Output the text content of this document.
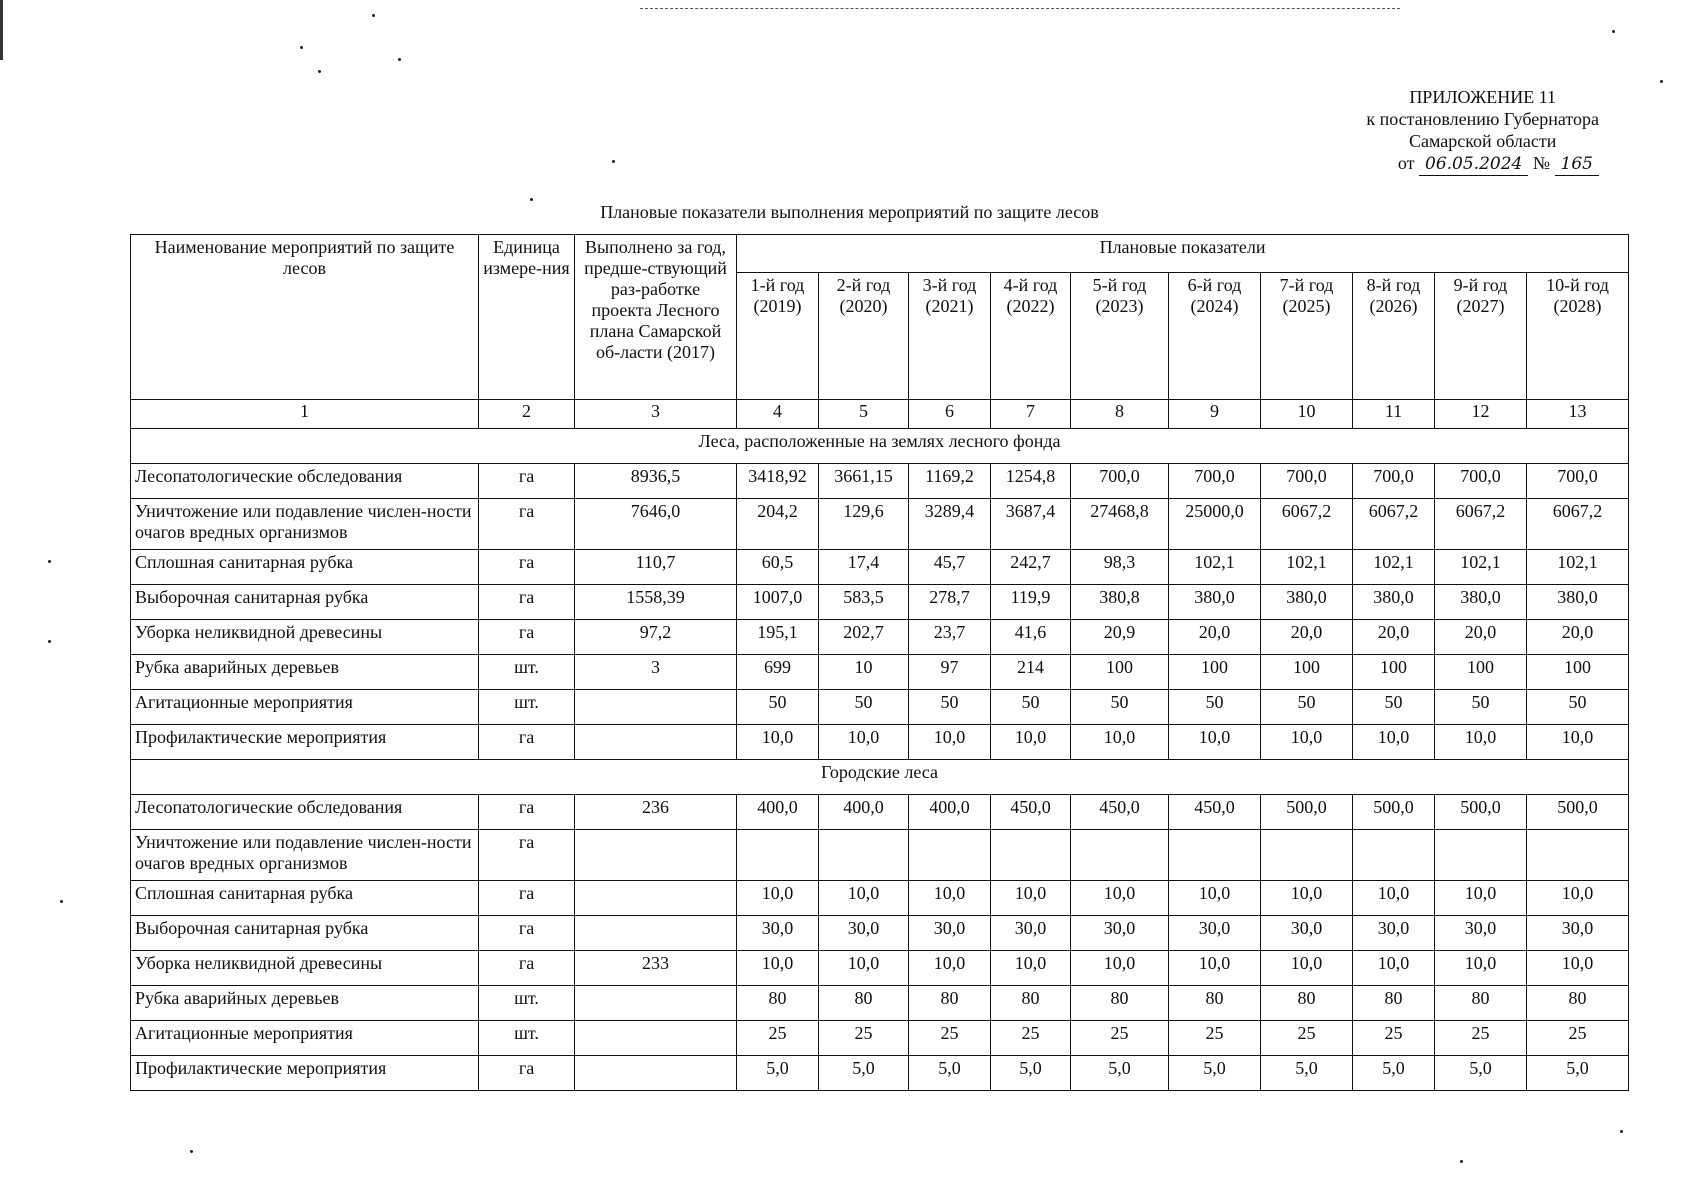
ПРИЛОЖЕНИЕ 11
к постановлению Губернатора
Самарской области
от 06.05.2024 № 165
Плановые показатели выполнения мероприятий по защите лесов
Наименование мероприятий по защите лесов	Единица измере-ния	Выполнено за год, предше-ствующий раз-работке проекта Лесного плана Самарской об-ласти (2017)	Плановые показатели									
			1-й год (2019)	2-й год (2020)	3-й год (2021)	4-й год (2022)	5-й год (2023)	6-й год (2024)	7-й год (2025)	8-й год (2026)	9-й год (2027)	10-й год (2028)
1	2	3	4	5	6	7	8	9	10	11	12	13
Леса, расположенные на землях лесного фонда												
Лесопатологические обследования	га	8936,5	3418,92	3661,15	1169,2	1254,8	700,0	700,0	700,0	700,0	700,0	700,0
Уничтожение или подавление числен-ности очагов вредных организмов	га	7646,0	204,2	129,6	3289,4	3687,4	27468,8	25000,0	6067,2	6067,2	6067,2	6067,2
Сплошная санитарная рубка	га	110,7	60,5	17,4	45,7	242,7	98,3	102,1	102,1	102,1	102,1	102,1
Выборочная санитарная рубка	га	1558,39	1007,0	583,5	278,7	119,9	380,8	380,0	380,0	380,0	380,0	380,0
Уборка неликвидной древесины	га	97,2	195,1	202,7	23,7	41,6	20,9	20,0	20,0	20,0	20,0	20,0
Рубка аварийных деревьев	шт.	3	699	10	97	214	100	100	100	100	100	100
Агитационные мероприятия	шт.		50	50	50	50	50	50	50	50	50	50
Профилактические мероприятия	га		10,0	10,0	10,0	10,0	10,0	10,0	10,0	10,0	10,0	10,0
Городские леса												
Лесопатологические обследования	га	236	400,0	400,0	400,0	450,0	450,0	450,0	500,0	500,0	500,0	500,0
Уничтожение или подавление числен-ности очагов вредных организмов	га											
Сплошная санитарная рубка	га		10,0	10,0	10,0	10,0	10,0	10,0	10,0	10,0	10,0	10,0
Выборочная санитарная рубка	га		30,0	30,0	30,0	30,0	30,0	30,0	30,0	30,0	30,0	30,0
Уборка неликвидной древесины	га	233	10,0	10,0	10,0	10,0	10,0	10,0	10,0	10,0	10,0	10,0
Рубка аварийных деревьев	шт.		80	80	80	80	80	80	80	80	80	80
Агитационные мероприятия	шт.		25	25	25	25	25	25	25	25	25	25
Профилактические мероприятия	га		5,0	5,0	5,0	5,0	5,0	5,0	5,0	5,0	5,0	5,0
